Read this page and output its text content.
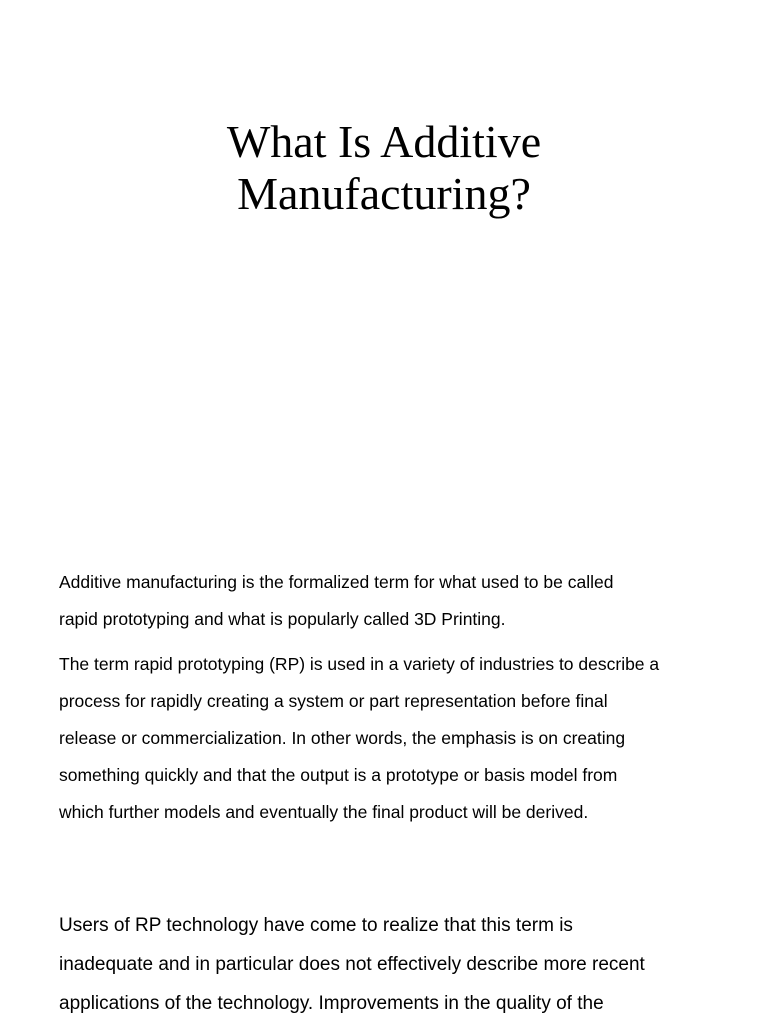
What Is Additive
Manufacturing?

Additive manufacturing is the formalized term for what used to be called
rapid prototyping and what is popularly called 3D Printing.

The term rapid prototyping (RP) is used in a variety of industries to describe a
process for rapidly creating a system or part representation before final
release or commercialization. In other words, the emphasis is on creating
something quickly and that the output is a prototype or basis model from
which further models and eventually the final product will be derived.

Users of RP technology have come to realize that this term is
inadequate and in particular does not effectively describe more recent
applications of the technology. Improvements in the quality of the
